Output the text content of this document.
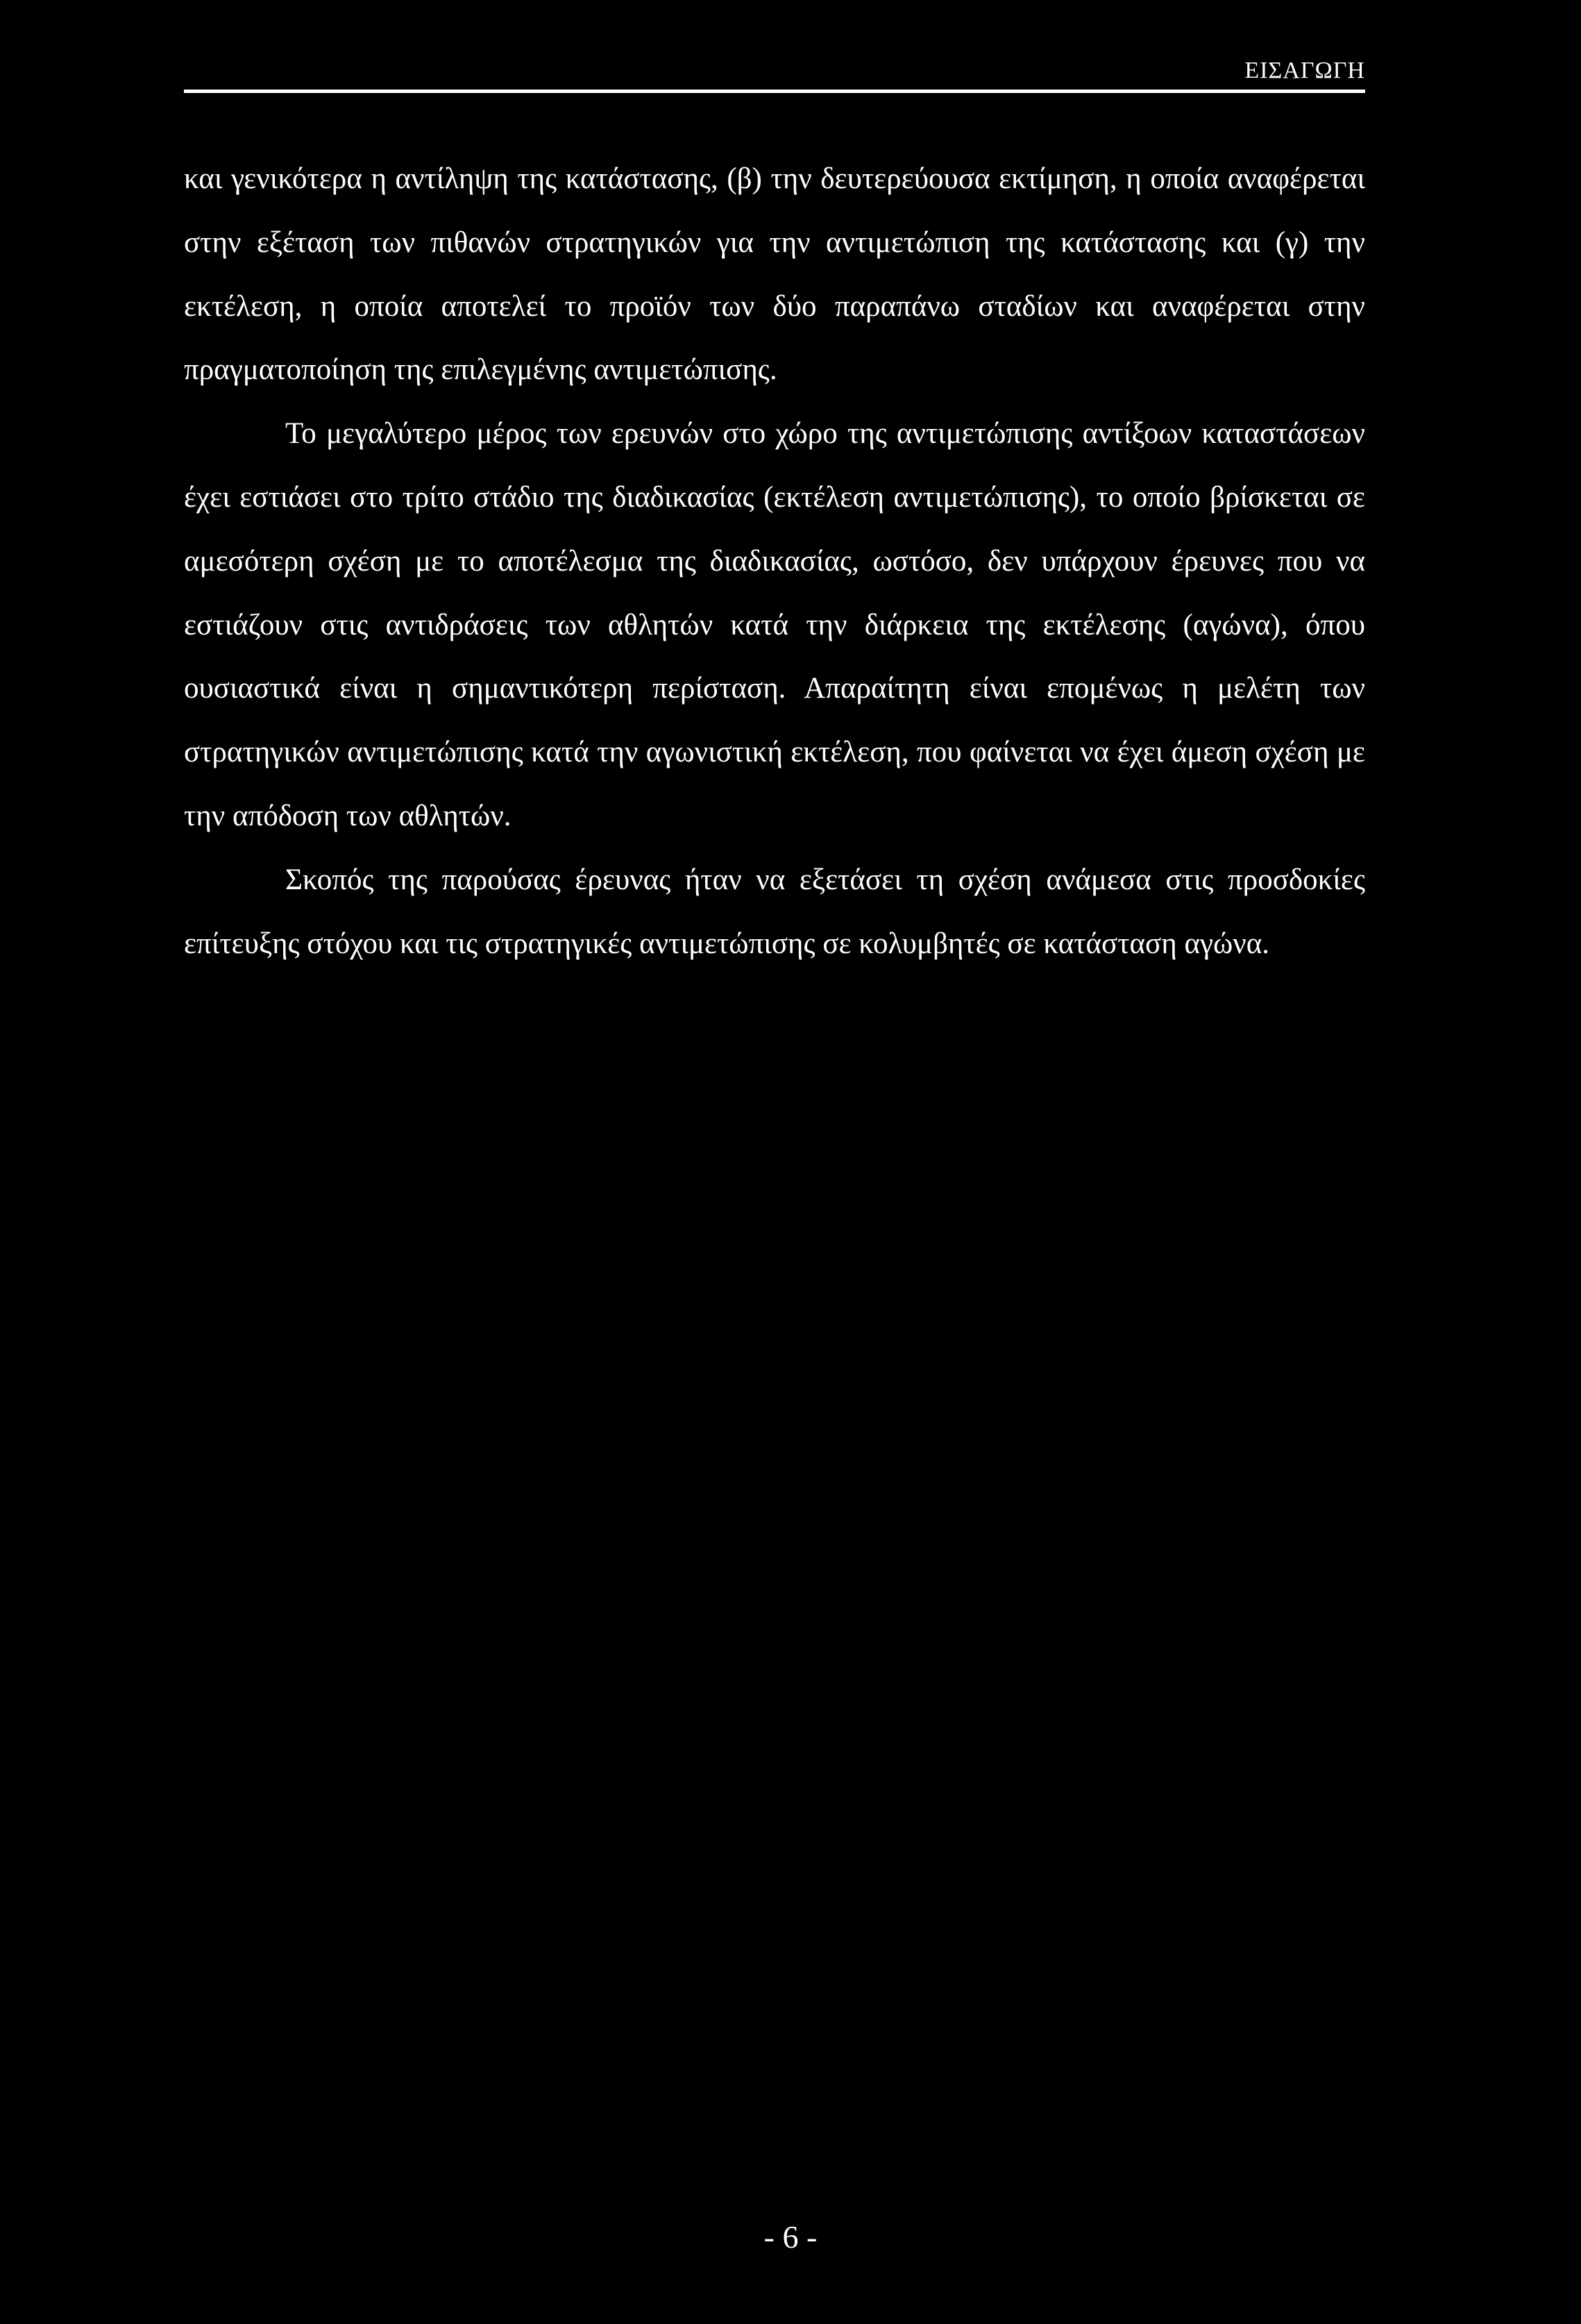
ΕΙΣΑΓΩΓΗ

και γενικότερα η αντίληψη της κατάστασης, (β) την δευτερεύουσα εκτίμηση, η οποία αναφέρεται στην εξέταση των πιθανών στρατηγικών για την αντιμετώπιση της κατάστασης και (γ) την εκτέλεση, η οποία αποτελεί το προϊόν των δύο παραπάνω σταδίων και αναφέρεται στην πραγματοποίηση της επιλεγμένης αντιμετώπισης.

Το μεγαλύτερο μέρος των ερευνών στο χώρο της αντιμετώπισης αντίξοων καταστάσεων έχει εστιάσει στο τρίτο στάδιο της διαδικασίας (εκτέλεση αντιμετώπισης), το οποίο βρίσκεται σε αμεσότερη σχέση με το αποτέλεσμα της διαδικασίας, ωστόσο, δεν υπάρχουν έρευνες που να εστιάζουν στις αντιδράσεις των αθλητών κατά την διάρκεια της εκτέλεσης (αγώνα), όπου ουσιαστικά είναι η σημαντικότερη περίσταση. Απαραίτητη είναι επομένως η μελέτη των στρατηγικών αντιμετώπισης κατά την αγωνιστική εκτέλεση, που φαίνεται να έχει άμεση σχέση με την απόδοση των αθλητών.

Σκοπός της παρούσας έρευνας ήταν να εξετάσει τη σχέση ανάμεσα στις προσδοκίες επίτευξης στόχου και τις στρατηγικές αντιμετώπισης σε κολυμβητές σε κατάσταση αγώνα.

- 6 -
